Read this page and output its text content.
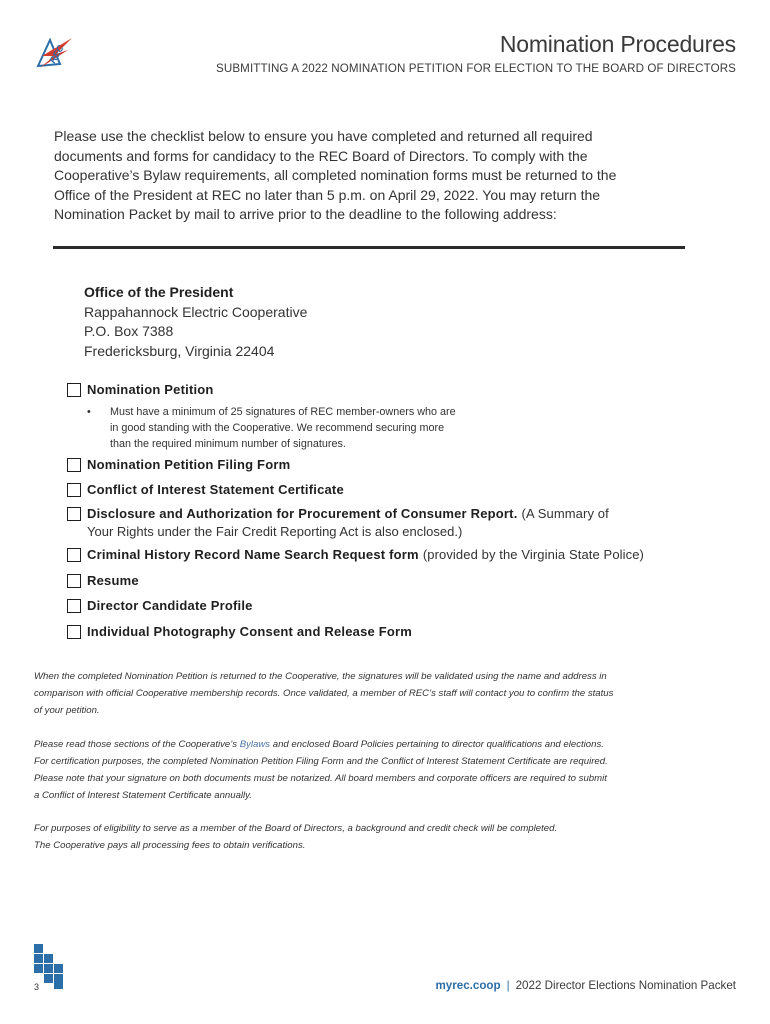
REC	Nomination Procedures
SUBMITTING A 2022 NOMINATION PETITION FOR ELECTION TO THE BOARD OF DIRECTORS
Please use the checklist below to ensure you have completed and returned all required
documents and forms for candidacy to the REC Board of Directors. To comply with the
Cooperative’s Bylaw requirements, all completed nomination forms must be returned to the
Office of the President at REC no later than 5 p.m. on April 29, 2022. You may return the
Nomination Packet by mail to arrive prior to the deadline to the following address:
Office of the President
Rappahannock Electric Cooperative
P.O. Box 7388
Fredericksburg, Virginia 22404
Nomination Petition
• Must have a minimum of 25 signatures of REC member-owners who are
in good standing with the Cooperative. We recommend securing more
than the required minimum number of signatures.
Nomination Petition Filing Form
Conflict of Interest Statement Certificate
Disclosure and Authorization for Procurement of Consumer Report. (A Summary of
Your Rights under the Fair Credit Reporting Act is also enclosed.)
Criminal History Record Name Search Request form (provided by the Virginia State Police)
Resume
Director Candidate Profile
Individual Photography Consent and Release Form
When the completed Nomination Petition is returned to the Cooperative, the signatures will be validated using the name and address in
comparison with official Cooperative membership records. Once validated, a member of REC’s staff will contact you to confirm the status
of your petition.
Please read those sections of the Cooperative’s Bylaws and enclosed Board Policies pertaining to director qualifications and elections.
For certification purposes, the completed Nomination Petition Filing Form and the Conflict of Interest Statement Certificate are required.
Please note that your signature on both documents must be notarized. All board members and corporate officers are required to submit
a Conflict of Interest Statement Certificate annually.
For purposes of eligibility to serve as a member of the Board of Directors, a background and credit check will be completed.
The Cooperative pays all processing fees to obtain verifications.
3	myrec.coop | 2022 Director Elections Nomination Packet
